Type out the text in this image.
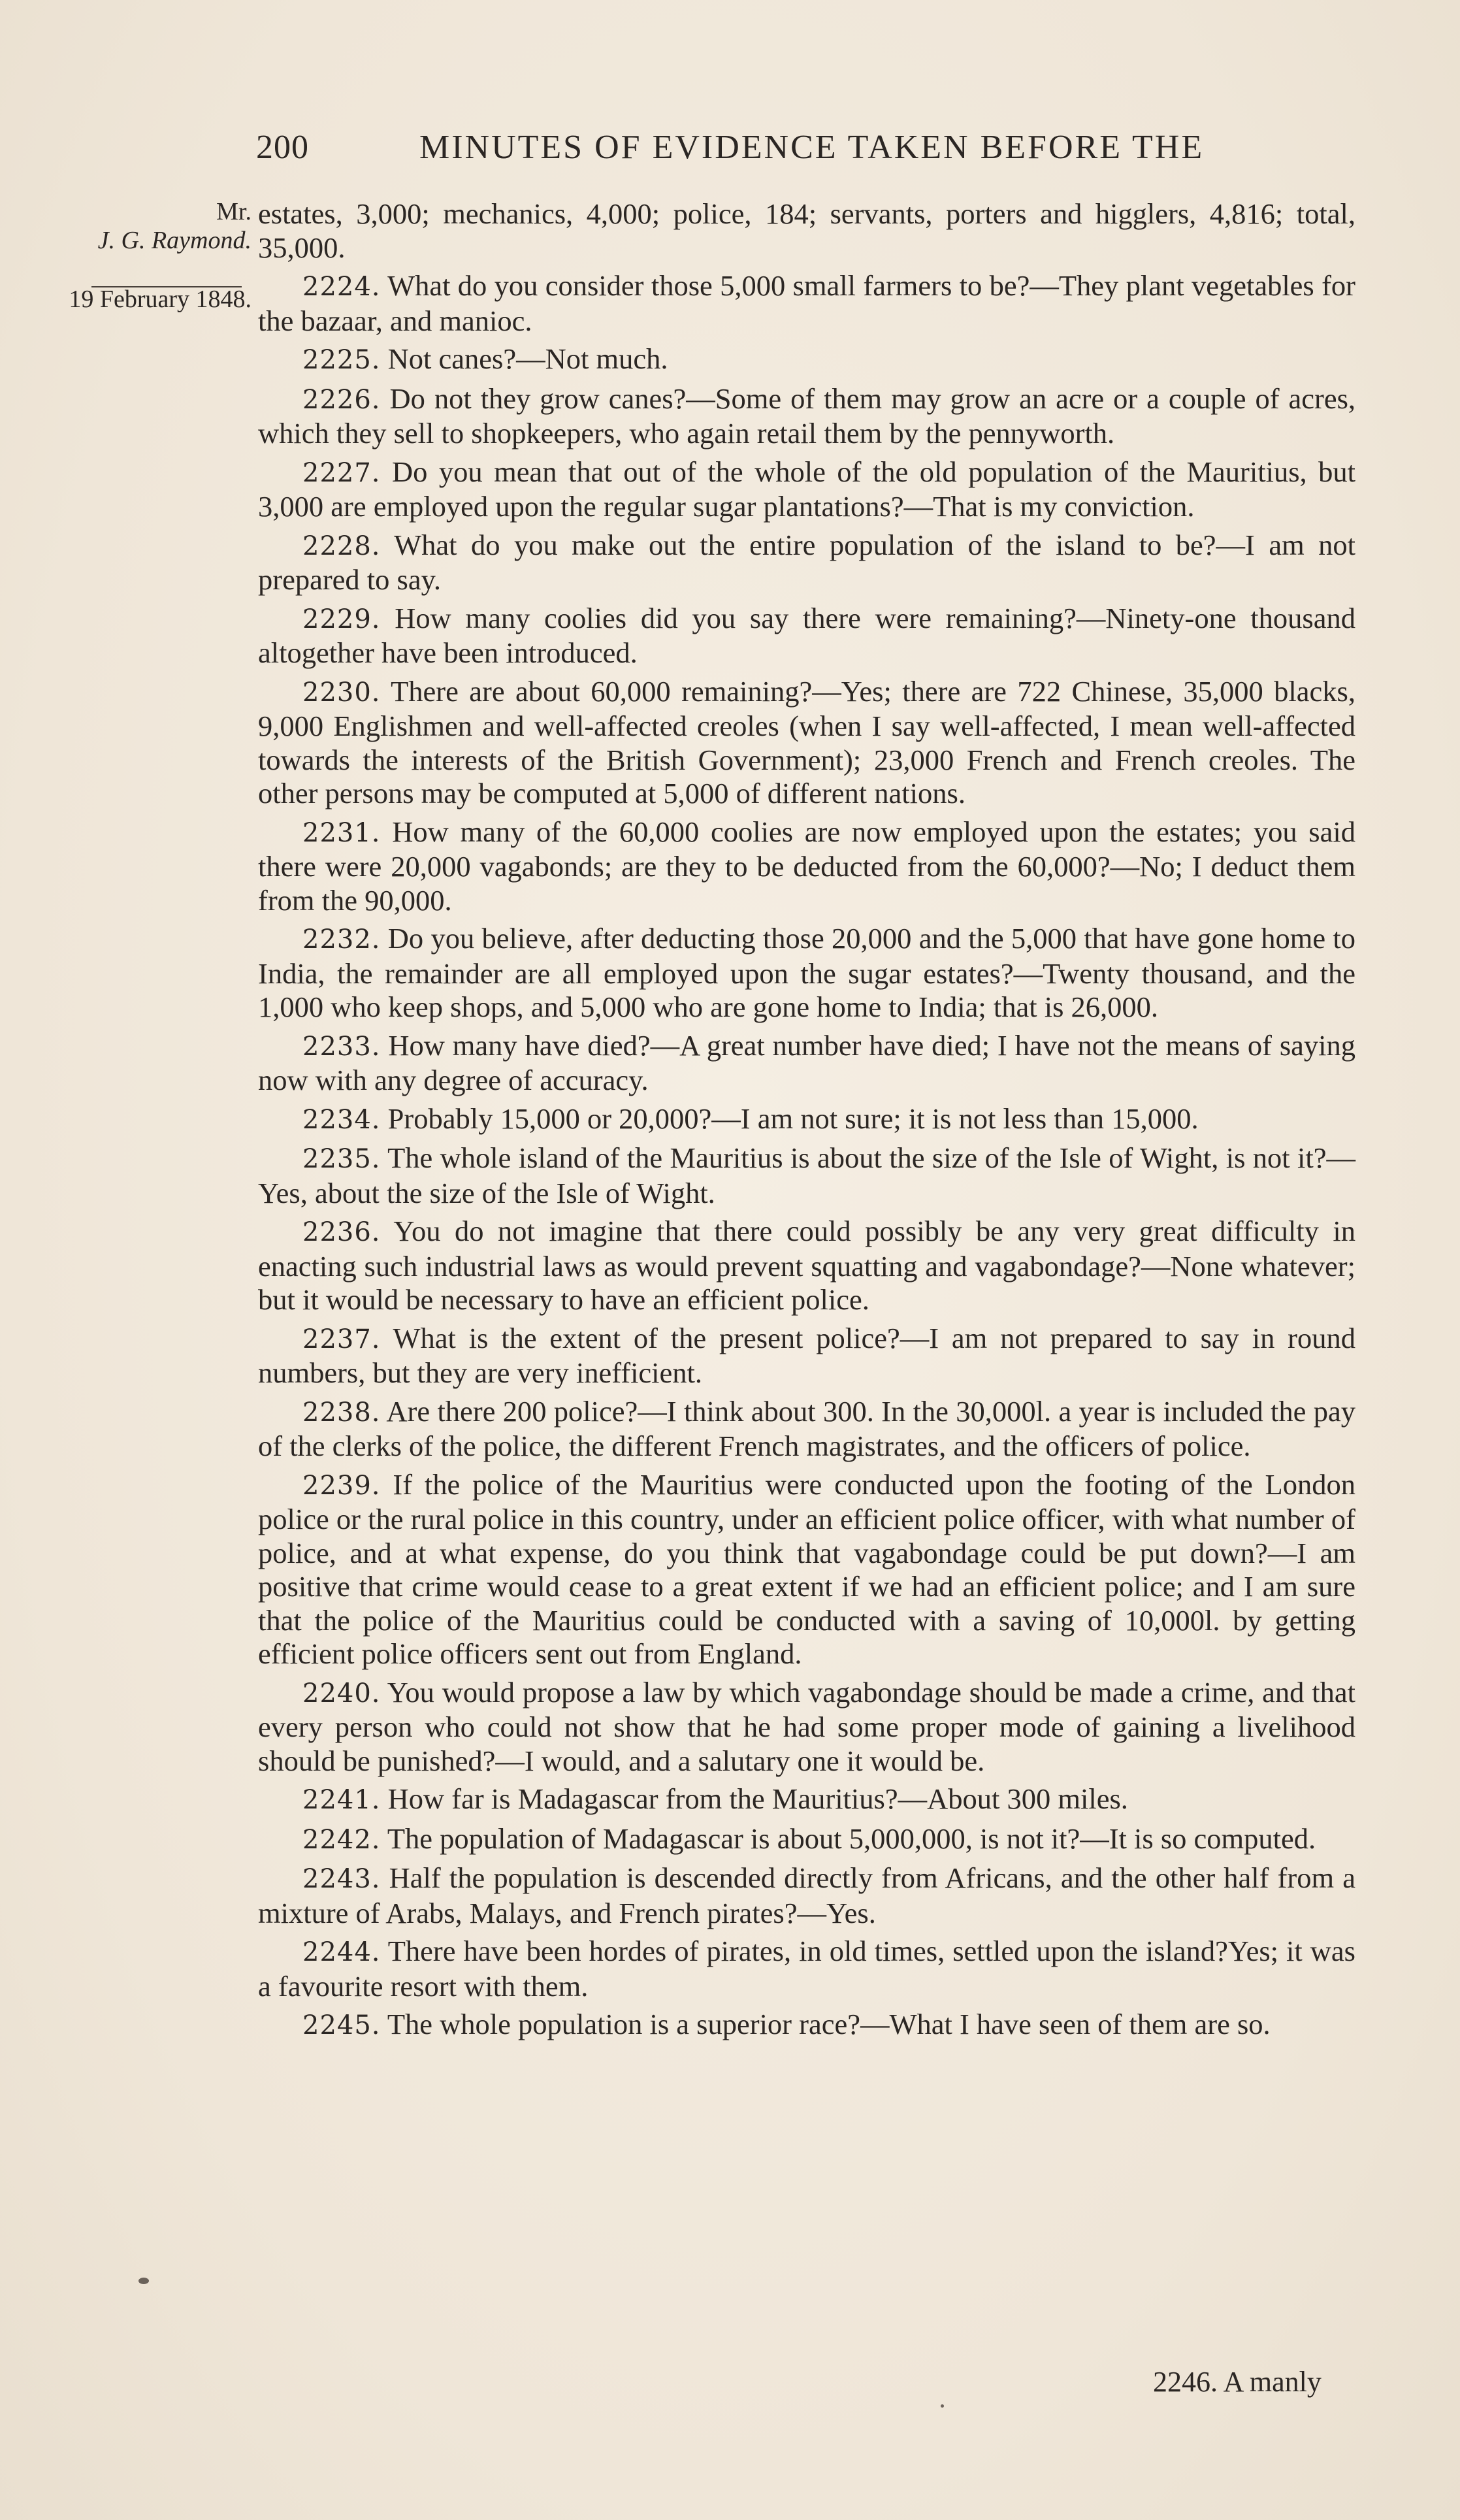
200	MINUTES OF EVIDENCE TAKEN BEFORE THE
Mr.
J. G. Raymond.
19 February 1848.

estates, 3,000; mechanics, 4,000; police, 184; servants, porters and higglers, 4,816; total, 35,000.

2224. What do you consider those 5,000 small farmers to be?—They plant vegetables for the bazaar, and manioc.

2225. Not canes?—Not much.

2226. Do not they grow canes?—Some of them may grow an acre or a couple of acres, which they sell to shopkeepers, who again retail them by the pennyworth.

2227. Do you mean that out of the whole of the old population of the Mauritius, but 3,000 are employed upon the regular sugar plantations?—That is my conviction.

2228. What do you make out the entire population of the island to be?—I am not prepared to say.

2229. How many coolies did you say there were remaining?—Ninety-one thousand altogether have been introduced.

2230. There are about 60,000 remaining?—Yes; there are 722 Chinese, 35,000 blacks, 9,000 Englishmen and well-affected creoles (when I say well-affected, I mean well-affected towards the interests of the British Government); 23,000 French and French creoles. The other persons may be computed at 5,000 of different nations.

2231. How many of the 60,000 coolies are now employed upon the estates; you said there were 20,000 vagabonds; are they to be deducted from the 60,000?—No; I deduct them from the 90,000.

2232. Do you believe, after deducting those 20,000 and the 5,000 that have gone home to India, the remainder are all employed upon the sugar estates?—Twenty thousand, and the 1,000 who keep shops, and 5,000 who are gone home to India; that is 26,000.

2233. How many have died?—A great number have died; I have not the means of saying now with any degree of accuracy.

2234. Probably 15,000 or 20,000?—I am not sure; it is not less than 15,000.

2235. The whole island of the Mauritius is about the size of the Isle of Wight, is not it?—Yes, about the size of the Isle of Wight.

2236. You do not imagine that there could possibly be any very great difficulty in enacting such industrial laws as would prevent squatting and vagabondage?—None whatever; but it would be necessary to have an efficient police.

2237. What is the extent of the present police?—I am not prepared to say in round numbers, but they are very inefficient.

2238. Are there 200 police?—I think about 300. In the 30,000l. a year is included the pay of the clerks of the police, the different French magistrates, and the officers of police.

2239. If the police of the Mauritius were conducted upon the footing of the London police or the rural police in this country, under an efficient police officer, with what number of police, and at what expense, do you think that vagabondage could be put down?—I am positive that crime would cease to a great extent if we had an efficient police; and I am sure that the police of the Mauritius could be conducted with a saving of 10,000l. by getting efficient police officers sent out from England.

2240. You would propose a law by which vagabondage should be made a crime, and that every person who could not show that he had some proper mode of gaining a livelihood should be punished?—I would, and a salutary one it would be.

2241. How far is Madagascar from the Mauritius?—About 300 miles.

2242. The population of Madagascar is about 5,000,000, is not it?—It is so computed.

2243. Half the population is descended directly from Africans, and the other half from a mixture of Arabs, Malays, and French pirates?—Yes.

2244. There have been hordes of pirates, in old times, settled upon the island?Yes; it was a favourite resort with them.

2245. The whole population is a superior race?—What I have seen of them are so.

2246. A manly
